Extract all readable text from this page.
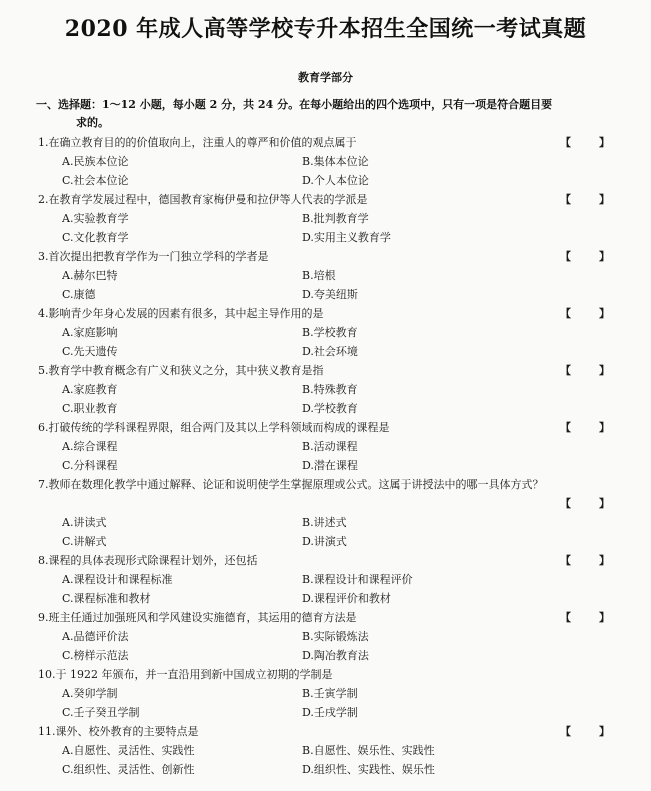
2020 年成人高等学校专升本招生全国统一考试真题
教育学部分
一、选择题：1～12 小题，每小题 2 分，共 24 分。在每小题给出的四个选项中，只有一项是符合题目要
求的。
1.在确立教育目的的价值取向上，注重人的尊严和价值的观点属于	【	】
A.民族本位论	B.集体本位论
C.社会本位论	D.个人本位论
2.在教育学发展过程中，德国教育家梅伊曼和拉伊等人代表的学派是	【	】
A.实验教育学	B.批判教育学
C.文化教育学	D.实用主义教育学
3.首次提出把教育学作为一门独立学科的学者是	【	】
A.赫尔巴特	B.培根
C.康德	D.夸美纽斯
4.影响青少年身心发展的因素有很多，其中起主导作用的是	【	】
A.家庭影响	B.学校教育
C.先天遗传	D.社会环境
5.教育学中教育概念有广义和狭义之分，其中狭义教育是指	【	】
A.家庭教育	B.特殊教育
C.职业教育	D.学校教育
6.打破传统的学科课程界限，组合两门及其以上学科领域而构成的课程是	【	】
A.综合课程	B.活动课程
C.分科课程	D.潜在课程
7.教师在数理化教学中通过解释、论证和说明使学生掌握原理或公式。这属于讲授法中的哪一具体方式？
【	】
A.讲读式	B.讲述式
C.讲解式	D.讲演式
8.课程的具体表现形式除课程计划外，还包括	【	】
A.课程设计和课程标准	B.课程设计和课程评价
C.课程标准和教材	D.课程评价和教材
9.班主任通过加强班风和学风建设实施德育，其运用的德育方法是	【	】
A.品德评价法	B.实际锻炼法
C.榜样示范法	D.陶冶教育法
10.于 1922 年颁布，并一直沿用到新中国成立初期的学制是
A.癸卯学制	B.壬寅学制
C.壬子癸丑学制	D.壬戌学制
11.课外、校外教育的主要特点是	【	】
A.自愿性、灵活性、实践性	B.自愿性、娱乐性、实践性
C.组织性、灵活性、创新性	D.组织性、实践性、娱乐性
